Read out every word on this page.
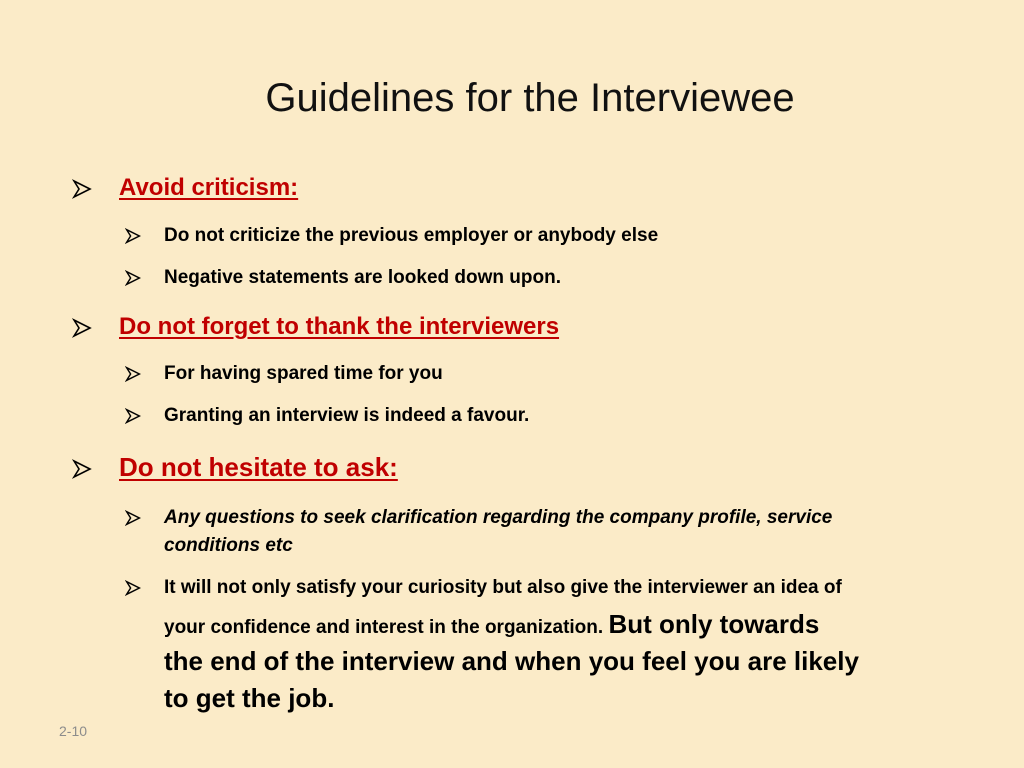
Guidelines for the Interviewee
Avoid criticism:
Do not criticize the previous employer or anybody else
Negative statements are looked down upon.
Do not forget to thank the interviewers
For having spared time for you
Granting an interview is indeed a favour.
Do not hesitate to ask:
Any questions to seek clarification regarding the company profile, service
conditions etc
It will not only satisfy your curiosity but also give the interviewer an idea of
your confidence and interest in the organization. But only towards
the end of the interview and when you feel you are likely
to get the job.
2-10
